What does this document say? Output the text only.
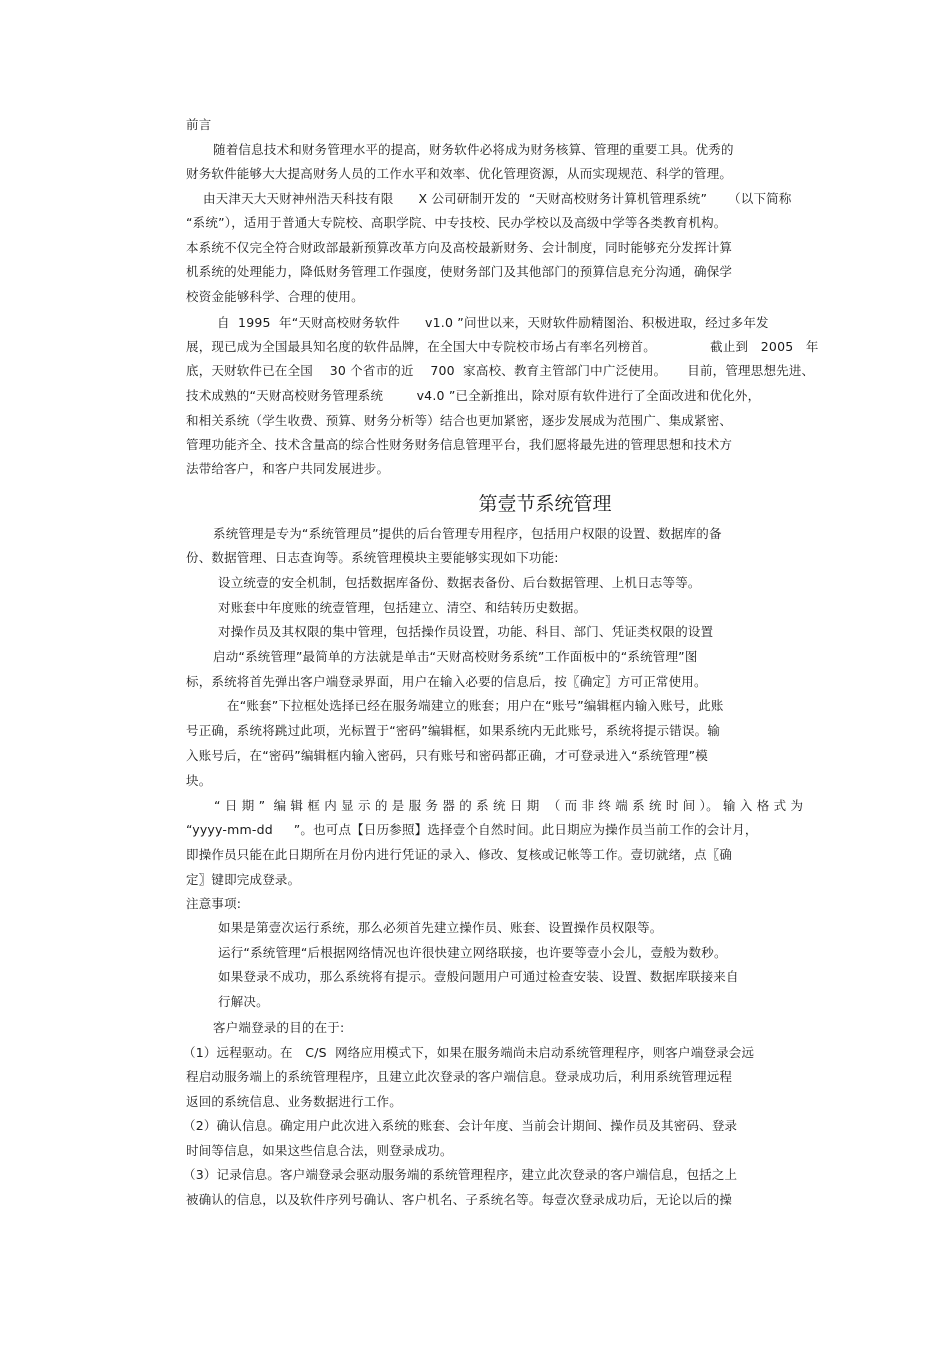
前言
随着信息技术和财务管理水平的提高，财务软件必将成为财务核算、管理的重要工具。优秀的
财务软件能够大大提高财务人员的工作水平和效率、优化管理资源，从而实现规范、科学的管理。
由天津天大天财神州浩天科技有限      X 公司研制开发的  “天财高校财务计算机管理系统”     （以下简称
“系统”），适用于普通大专院校、高职学院、中专技校、民办学校以及高级中学等各类教育机构。
本系统不仅完全符合财政部最新预算改革方向及高校最新财务、会计制度，同时能够充分发挥计算
机系统的处理能力，降低财务管理工作强度，使财务部门及其他部门的预算信息充分沟通，确保学
校资金能够科学、合理的使用。
自  1995  年“天财高校财务软件      v1.0 ”问世以来，天财软件励精图治、积极进取，经过多年发
展，现已成为全国最具知名度的软件品牌，在全国大中专院校市场占有率名列榜首。             截止到   2005   年
底，天财软件已在全国    30 个省市的近    700  家高校、教育主管部门中广泛使用。     目前，管理思想先进、
技术成熟的“天财高校财务管理系统        v4.0 ”已全新推出，除对原有软件进行了全面改进和优化外，
和相关系统（学生收费、预算、财务分析等）结合也更加紧密，逐步发展成为范围广、集成紧密、
管理功能齐全、技术含量高的综合性财务财务信息管理平台，我们愿将最先进的管理思想和技术方
法带给客户，和客户共同发展进步。
第壹节系统管理
系统管理是专为“系统管理员”提供的后台管理专用程序，包括用户权限的设置、数据库的备
份、数据管理、日志查询等。系统管理模块主要能够实现如下功能:
设立统壹的安全机制，包括数据库备份、数据表备份、后台数据管理、上机日志等等。
对账套中年度账的统壹管理，包括建立、清空、和结转历史数据。
对操作员及其权限的集中管理，包括操作员设置，功能、科目、部门、凭证类权限的设置
启动“系统管理”最简单的方法就是单击“天财高校财务系统”工作面板中的“系统管理”图
标，系统将首先弹出客户端登录界面，用户在输入必要的信息后，按〖确定〗方可正常使用。
在“账套”下拉框处选择已经在服务端建立的账套；用户在“账号”编辑框内输入账号，此账
号正确，系统将跳过此项，光标置于“密码”编辑框，如果系统内无此账号，系统将提示错误。输
入账号后，在“密码”编辑框内输入密码，只有账号和密码都正确，才可登录进入“系统管理”模
块。
“ 日 期 ”  编 辑 框 内 显 示 的 是 服 务 器 的 系 统 日 期  （ 而 非 终 端 系 统 时 间 ）。 输 入 格 式 为
“yyyy-mm-dd     ”。也可点【日历参照】选择壹个自然时间。此日期应为操作员当前工作的会计月，
即操作员只能在此日期所在月份内进行凭证的录入、修改、复核或记帐等工作。壹切就绪，点〖确
定〗键即完成登录。
注意事项:
如果是第壹次运行系统，那么必须首先建立操作员、账套、设置操作员权限等。
运行“系统管理“后根据网络情况也许很快建立网络联接，也许要等壹小会儿，壹般为数秒。
如果登录不成功，那么系统将有提示。壹般问题用户可通过检查安装、设置、数据库联接来自
行解决。
客户端登录的目的在于:
（1）远程驱动。在   C/S  网络应用模式下，如果在服务端尚未启动系统管理程序，则客户端登录会远
程启动服务端上的系统管理程序，且建立此次登录的客户端信息。登录成功后，利用系统管理远程
返回的系统信息、业务数据进行工作。
（2）确认信息。确定用户此次进入系统的账套、会计年度、当前会计期间、操作员及其密码、登录
时间等信息，如果这些信息合法，则登录成功。
（3）记录信息。客户端登录会驱动服务端的系统管理程序，建立此次登录的客户端信息，包括之上
被确认的信息，以及软件序列号确认、客户机名、子系统名等。每壹次登录成功后，无论以后的操
